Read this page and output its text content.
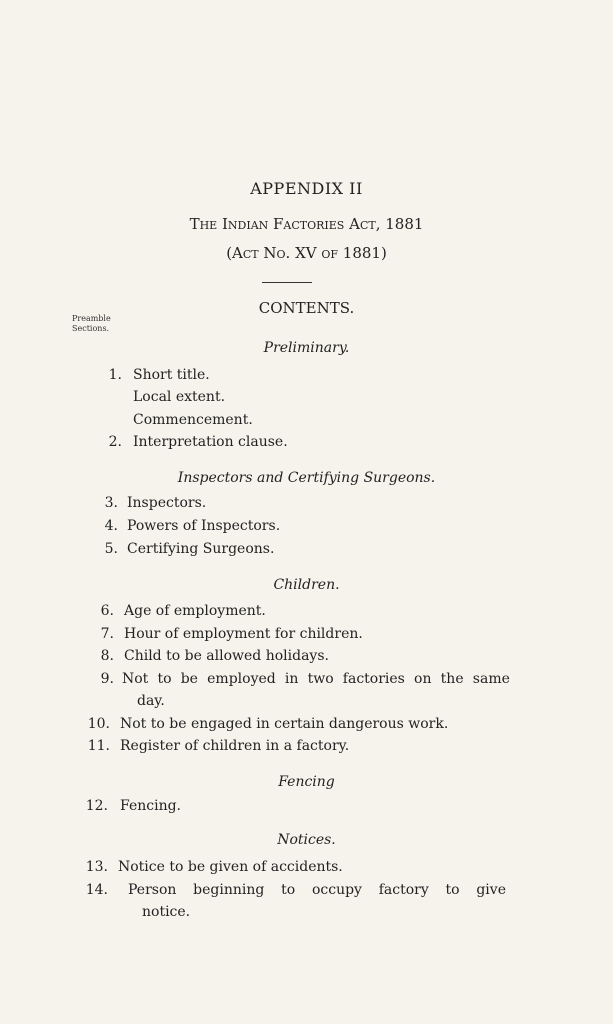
APPENDIX II
The Indian Factories Act, 1881
(Act No. XV of 1881)
CONTENTS.
Preamble
Sections.
Preliminary.
1. Short title.
Local extent.
Commencement.
2. Interpretation clause.
Inspectors and Certifying Surgeons.
3. Inspectors.
4. Powers of Inspectors.
5. Certifying Surgeons.
Children.
6. Age of employment.
7. Hour of employment for children.
8. Child to be allowed holidays.
9. Not to be employed in two factories on the same
day.
10. Not to be engaged in certain dangerous work.
11. Register of children in a factory.
Fencing
12. Fencing.
Notices.
13. Notice to be given of accidents.
14. Person beginning to occupy factory to give
notice.
